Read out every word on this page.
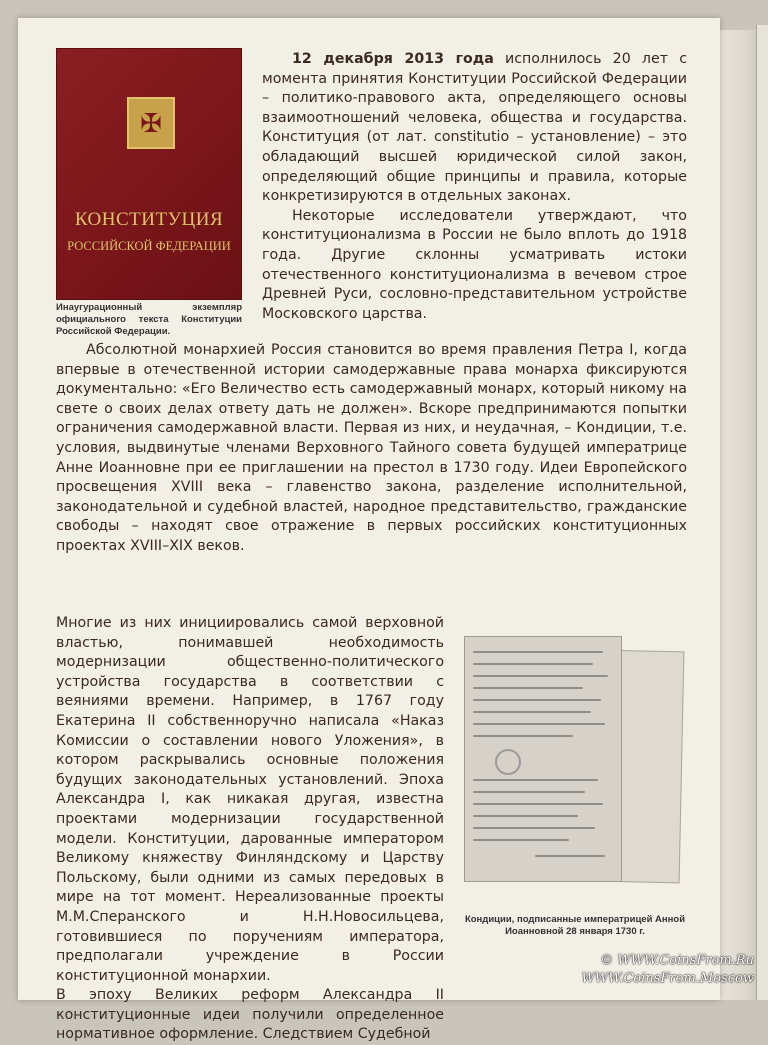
✠
КОНСТИТУЦИЯ
РОССИЙСКОЙ ФЕДЕРАЦИИ
Инаугурационный экземпляр официального текста Конституции Российской Федерации.

12 декабря 2013 года исполнилось 20 лет с момента принятия Конституции Российской Федерации – политико-правового акта, определяющего основы взаимоотношений человека, общества и государства. Конституция (от лат. constitutio – установление) – это обладающий высшей юридической силой закон, определяющий общие принципы и правила, которые конкретизируются в отдельных законах.

Некоторые исследователи утверждают, что конституционализма в России не было вплоть до 1918 года. Другие склонны усматривать истоки отечественного конституционализма в вечевом строе Древней Руси, сословно-представительном устройстве Московского царства.

Абсолютной монархией Россия становится во время правления Петра I, когда впервые в отечественной истории самодержавные права монарха фиксируются документально: «Его Величество есть самодержавный монарх, который никому на свете о своих делах ответу дать не должен». Вскоре предпринимаются попытки ограничения самодержавной власти. Первая из них, и неудачная, – Кондиции, т.е. условия, выдвинутые членами Верховного Тайного совета будущей императрице Анне Иоанновне при ее приглашении на престол в 1730 году. Идеи Европейского просвещения XVIII века – главенство закона, разделение исполнительной, законодательной и судебной властей, народное представительство, гражданские свободы – находят свое отражение в первых российских конституционных проектах XVIII–XIX веков.

Многие из них инициировались самой верховной властью, понимавшей необходимость модернизации общественно-политического устройства государства в соответствии с веяниями времени. Например, в 1767 году Екатерина II собственноручно написала «Наказ Комиссии о составлении нового Уложения», в котором раскрывались основные положения будущих законодательных установлений. Эпоха Александра I, как никакая другая, известна проектами модернизации государственной модели. Конституции, дарованные императором Великому княжеству Финляндскому и Царству Польскому, были одними из самых передовых в мире на тот момент. Нереализованные проекты М.М.Сперанского и Н.Н.Новосильцева, готовившиеся по поручениям императора, предполагали учреждение в России конституционной монархии.

В эпоху Великих реформ Александра II конституционные идеи получили определенное нормативное оформление. Следствием Судебной

Кондиции, подписанные императрицей Анной Иоанновной 28 января 1730 г.
© WWW.CoinsFrom.Ru
WWW.CoinsFrom.Moscow
